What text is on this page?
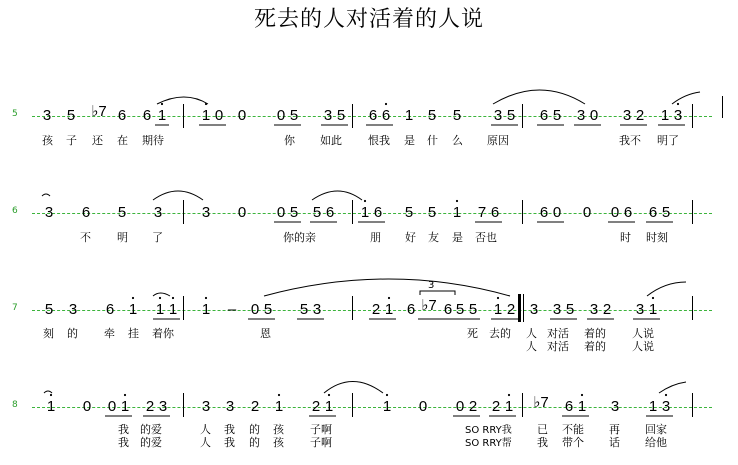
死去的人对活着的人说
5 3 5 ♭7 6 6 1 1 0 0 0 5 3 5 6 6 1 5 5 3 5 6 5 3 0 3 2 1 3
孩 子 还 在 期待	你 如此 恨我 是 什 么 原因	我不 明了
6 3 6 5 3	3 0 0 5 5 6 1 6 5 5 1 7 6	6 0 0 0 6 6 5
不 明 了	你的亲	朋 好 友 是 否也	时 时刻
7 5 3 6 1 1 1 1 – 0 5 5 3	2 1 6 ♭7 6 5 5 1 2 3 3 5 3 2 3 1
3
刻 的 牵 挂 着你	恩	死 去的 人 对活 着的 人说
人 对活 着的 人说
8 1 0 0 1 2 3 3 3 2 1 2 1	1 0 0 2 2 1 ♭7 6 1 3 1 3
我 的爱	人 我 的 孩 子啊	SO RRY我 已 不能 再 回家
我 的爱	人 我 的 孩 子啊	SO RRY帮 我 带个 话 给他
